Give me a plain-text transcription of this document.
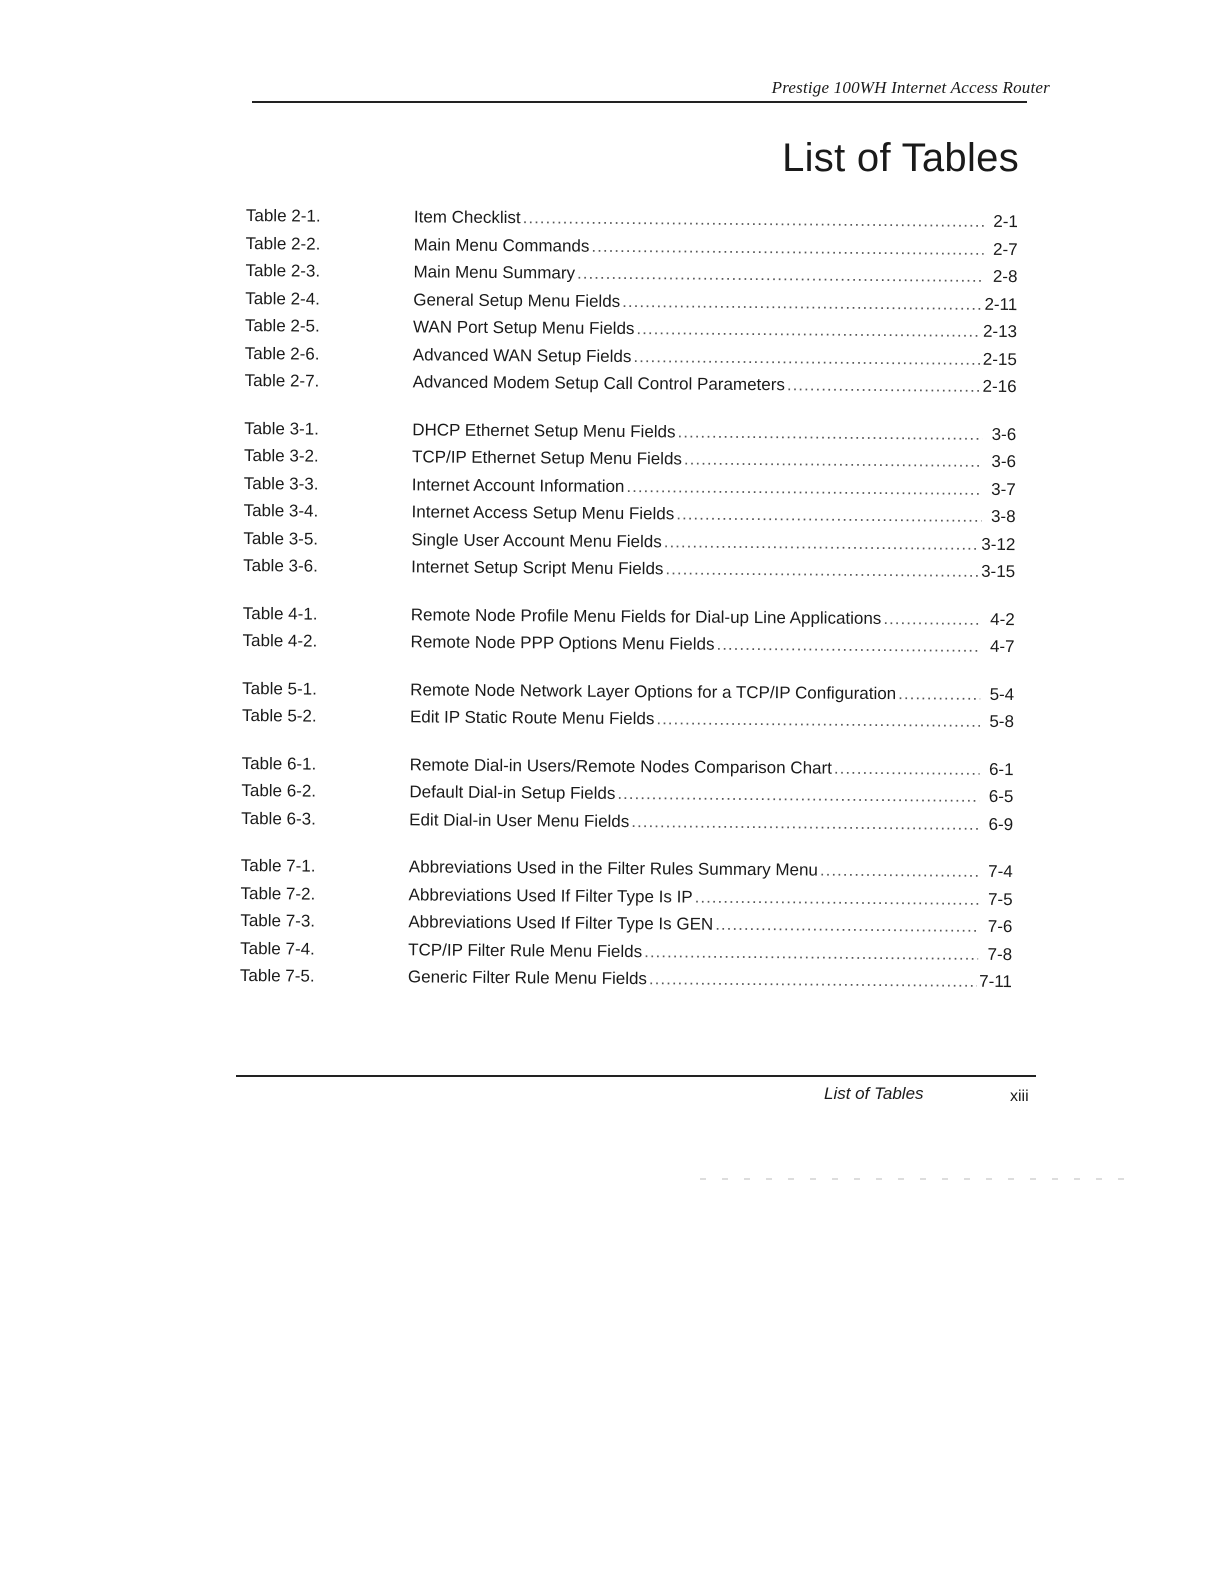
Prestige 100WH Internet Access Router
List of Tables
Table 2-1.	Item Checklist .....	2-1
Table 2-2.	Main Menu Commands .....	2-7
Table 2-3.	Main Menu Summary .....	2-8
Table 2-4.	General Setup Menu Fields .....	2-11
Table 2-5.	WAN Port Setup Menu Fields .....	2-13
Table 2-6.	Advanced WAN Setup Fields .....	2-15
Table 2-7.	Advanced Modem Setup Call Control Parameters .....	2-16
Table 3-1.	DHCP Ethernet Setup Menu Fields .....	3-6
Table 3-2.	TCP/IP Ethernet Setup Menu Fields .....	3-6
Table 3-3.	Internet Account Information .....	3-7
Table 3-4.	Internet Access Setup Menu Fields .....	3-8
Table 3-5.	Single User Account Menu Fields .....	3-12
Table 3-6.	Internet Setup Script Menu Fields .....	3-15
Table 4-1.	Remote Node Profile Menu Fields for Dial-up Line Applications .....	4-2
Table 4-2.	Remote Node PPP Options Menu Fields .....	4-7
Table 5-1.	Remote Node Network Layer Options for a TCP/IP Configuration .....	5-4
Table 5-2.	Edit IP Static Route Menu Fields .....	5-8
Table 6-1.	Remote Dial-in Users/Remote Nodes Comparison Chart .....	6-1
Table 6-2.	Default Dial-in Setup Fields .....	6-5
Table 6-3.	Edit Dial-in User Menu Fields .....	6-9
Table 7-1.	Abbreviations Used in the Filter Rules Summary Menu .....	7-4
Table 7-2.	Abbreviations Used If Filter Type Is IP .....	7-5
Table 7-3.	Abbreviations Used If Filter Type Is GEN .....	7-6
Table 7-4.	TCP/IP Filter Rule Menu Fields .....	7-8
Table 7-5.	Generic Filter Rule Menu Fields .....	7-11
List of Tables	xiii
